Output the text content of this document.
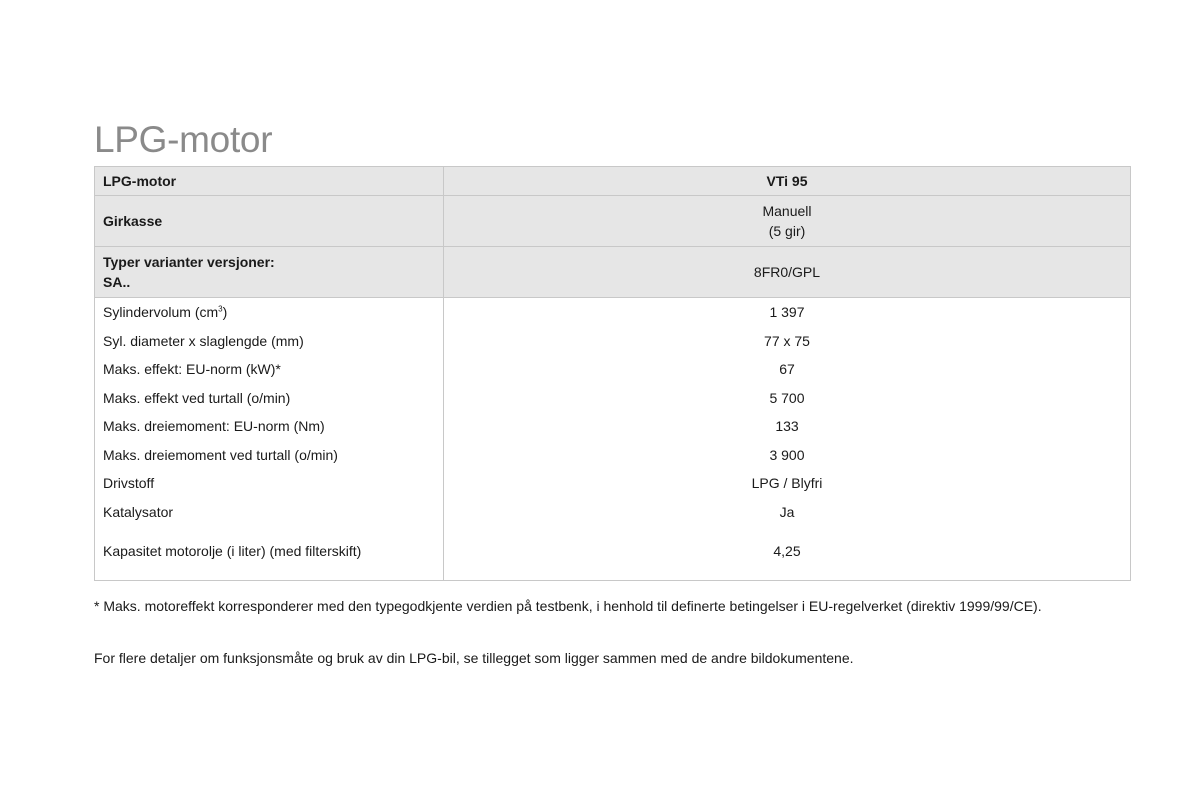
LPG-motor
LPG-motor	VTi 95
Girkasse	Manuell
(5 gir)

Typer varianter versjoner:
SA..	8FR0/GPL
Sylindervolum $(cm^3)$	1 397
Syl. diameter x slaglengde (mm)	77 x 75
Maks. effekt: EU-norm (kW)*	67
Maks. effekt ved turtall (o/min)	5 700
Maks. dreiemoment: EU-norm (Nm)	133
Maks. dreiemoment ved turtall (o/min)	3 900
Drivstoff	LPG / Blyfri
Katalysator	Ja
Kapasitet motorolje (i liter) (med filterskift)	4,25

* Maks. motoreffekt korresponderer med den typegodkjente verdien på testbenk, i henhold til definerte betingelser i EU-regelverket (direktiv 1999/99/CE).

For flere detaljer om funksjonsmåte og bruk av din LPG-bil, se tillegget som ligger sammen med de andre bildokumentene.
